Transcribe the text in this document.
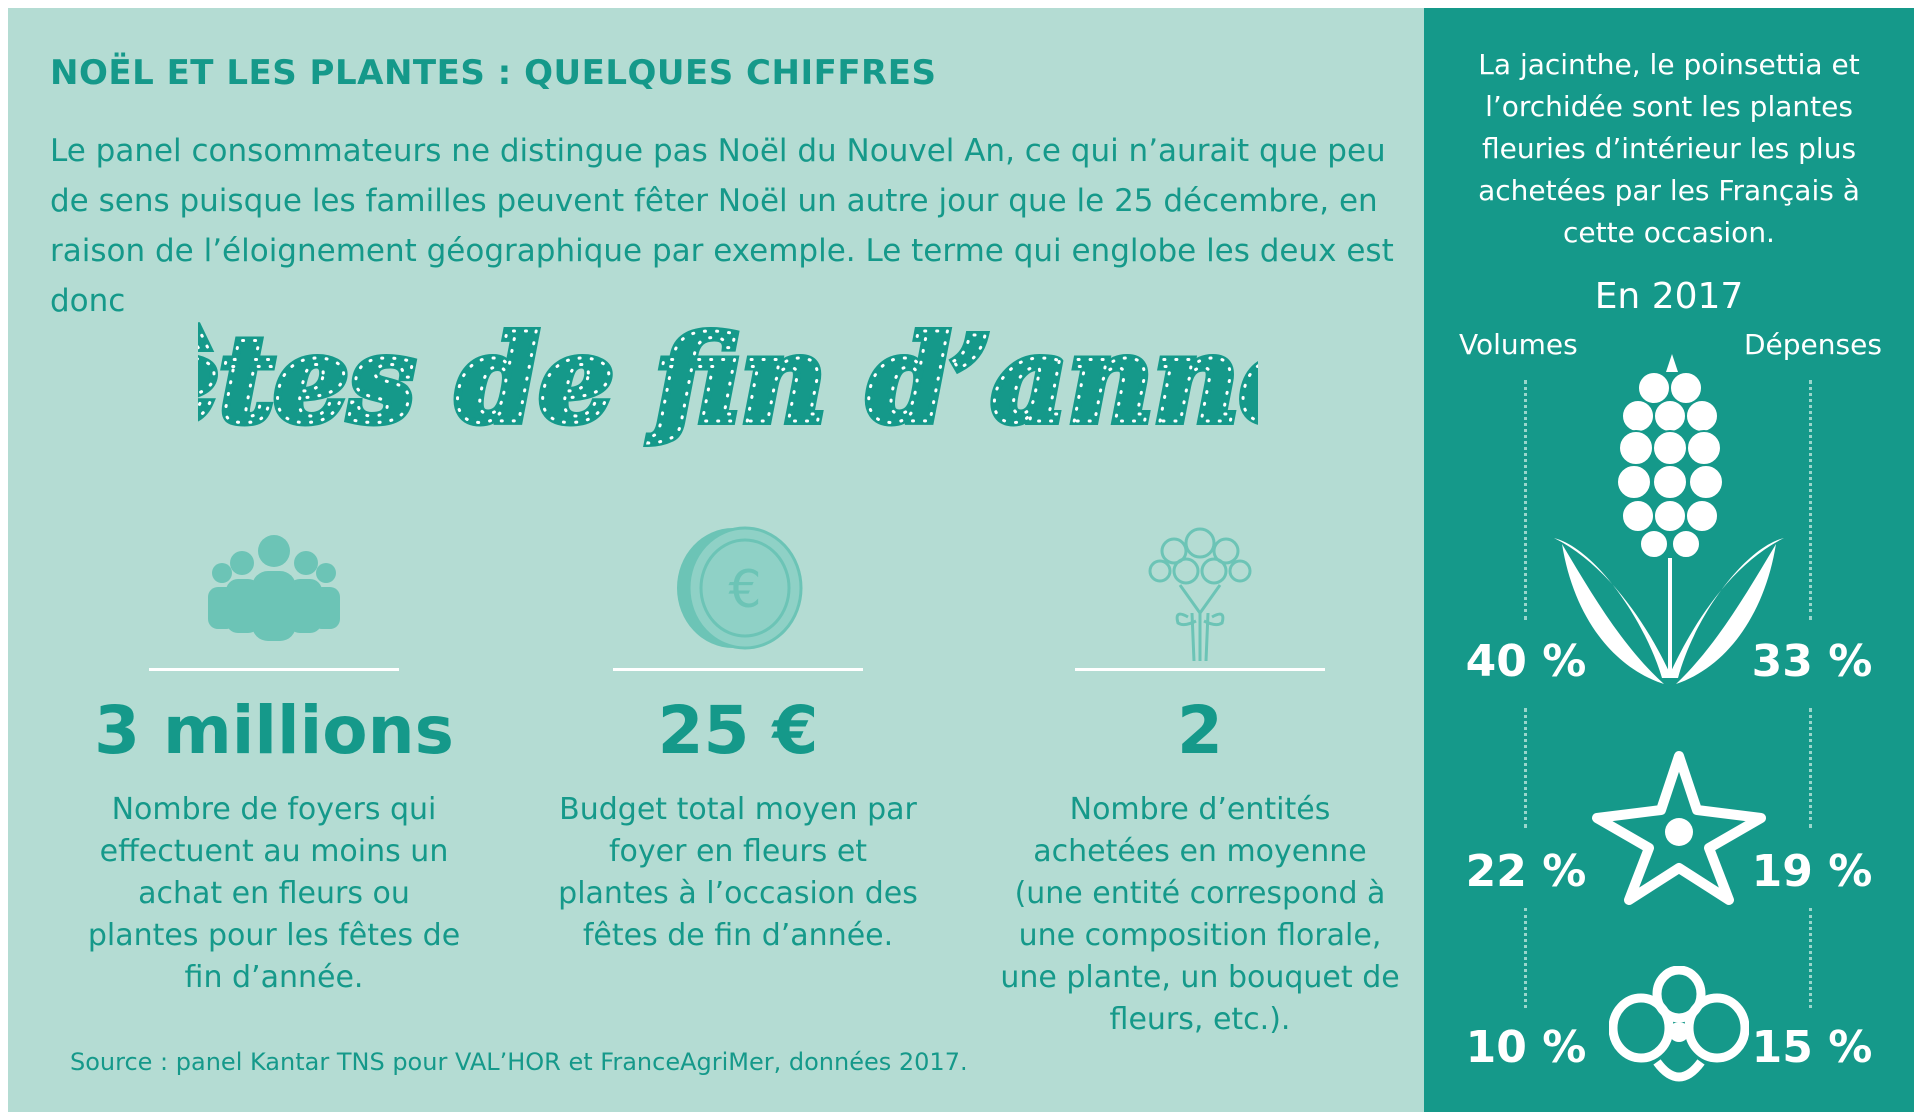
NOËL ET LES PLANTES : QUELQUES CHIFFRES
Le panel consommateurs ne distingue pas Noël du Nouvel An, ce qui n’aurait que peu de sens puisque les familles peuvent fêter Noël un autre jour que le 25 décembre, en raison de l’éloignement géographique par exemple. Le terme qui englobe les deux est donc
tes de fin d’ann
tes de fin d’ann
3 millions
Nombre de foyers qui effectuent au moins un achat en fleurs ou plantes pour les fêtes de fin d’année.
€
25 €
Budget total moyen par foyer en fleurs et plantes à l’occasion des fêtes de fin d’année.
2
Nombre d’entités achetées en moyenne (une entité correspond à une composition florale, une plante, un bouquet de fleurs, etc.).
Source : panel Kantar TNS pour VAL’HOR et FranceAgriMer, données 2017.
La jacinthe, le poinsettia et l’orchidée sont les plantes fleuries d’intérieur les plus achetées par les Français à cette occasion.
En 2017
Volumes	Dépenses
40 %	33 %
22 %	19 %
10 %	15 %
